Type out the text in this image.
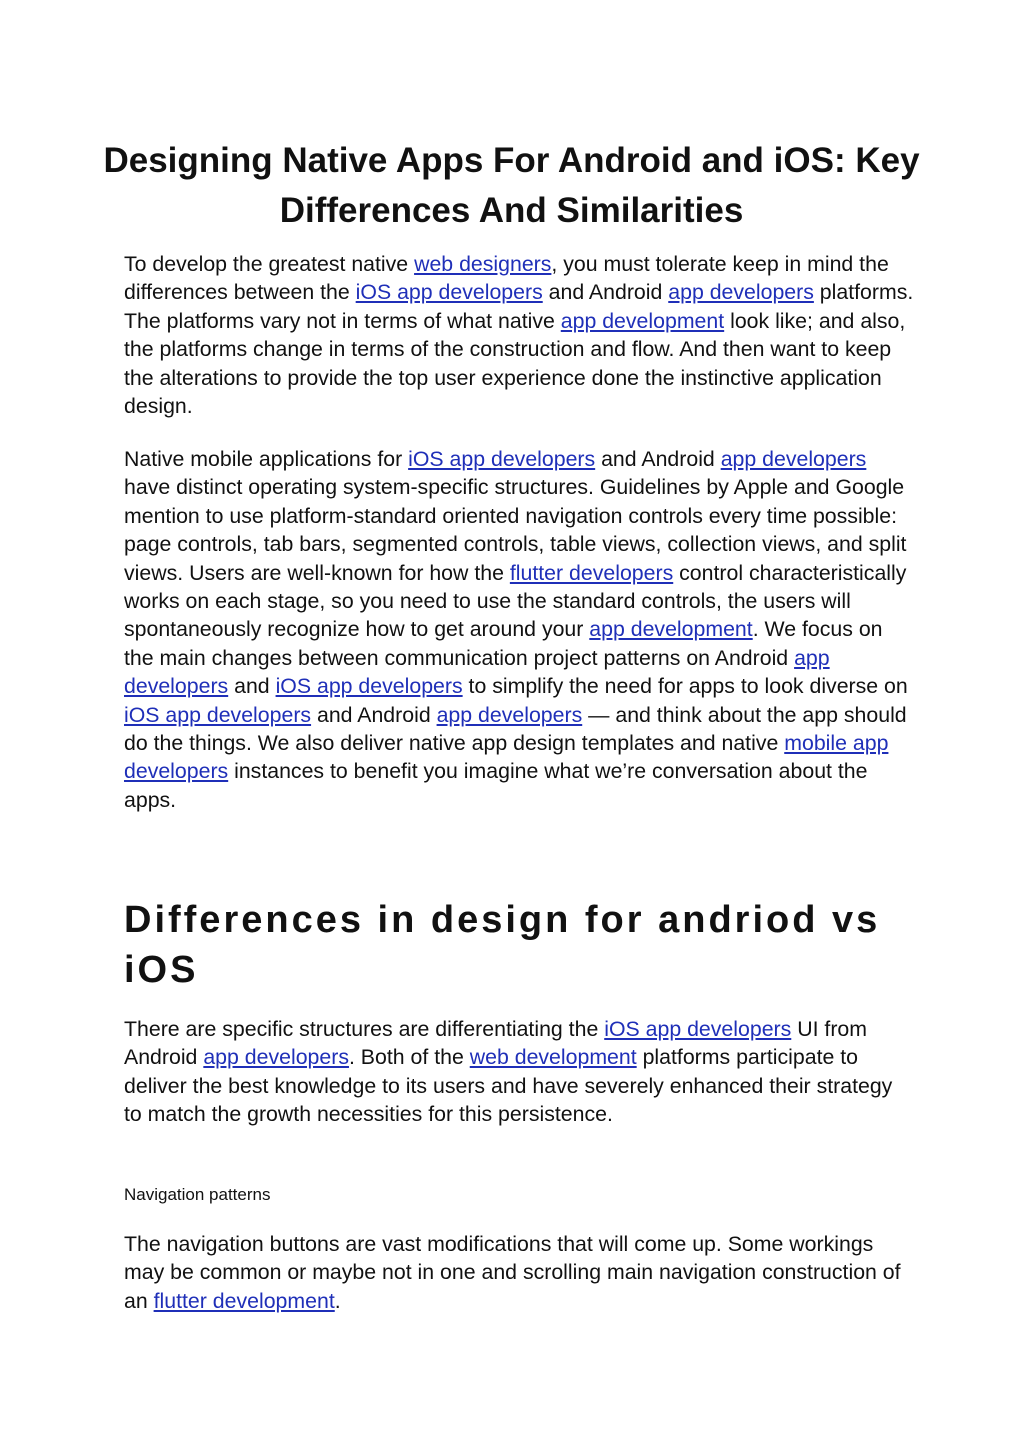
Designing Native Apps For Android and iOS: Key Differences And Similarities

To develop the greatest native web designers, you must tolerate keep in mind the differences between the iOS app developers and Android app developers platforms. The platforms vary not in terms of what native app development look like; and also, the platforms change in terms of the construction and flow. And then want to keep the alterations to provide the top user experience done the instinctive application design.

Native mobile applications for iOS app developers and Android app developers have distinct operating system-specific structures. Guidelines by Apple and Google mention to use platform-standard oriented navigation controls every time possible: page controls, tab bars, segmented controls, table views, collection views, and split views. Users are well-known for how the flutter developers control characteristically works on each stage, so you need to use the standard controls, the users will spontaneously recognize how to get around your app development. We focus on the main changes between communication project patterns on Android app developers and iOS app developers to simplify the need for apps to look diverse on iOS app developers and Android app developers — and think about the app should do the things. We also deliver native app design templates and native mobile app developers instances to benefit you imagine what we’re conversation about the apps.

Differences in design for andriod vs iOS

There are specific structures are differentiating the iOS app developers UI from Android app developers. Both of the web development platforms participate to deliver the best knowledge to its users and have severely enhanced their strategy to match the growth necessities for this persistence.

Navigation patterns

The navigation buttons are vast modifications that will come up. Some workings may be common or maybe not in one and scrolling main navigation construction of an flutter development.
